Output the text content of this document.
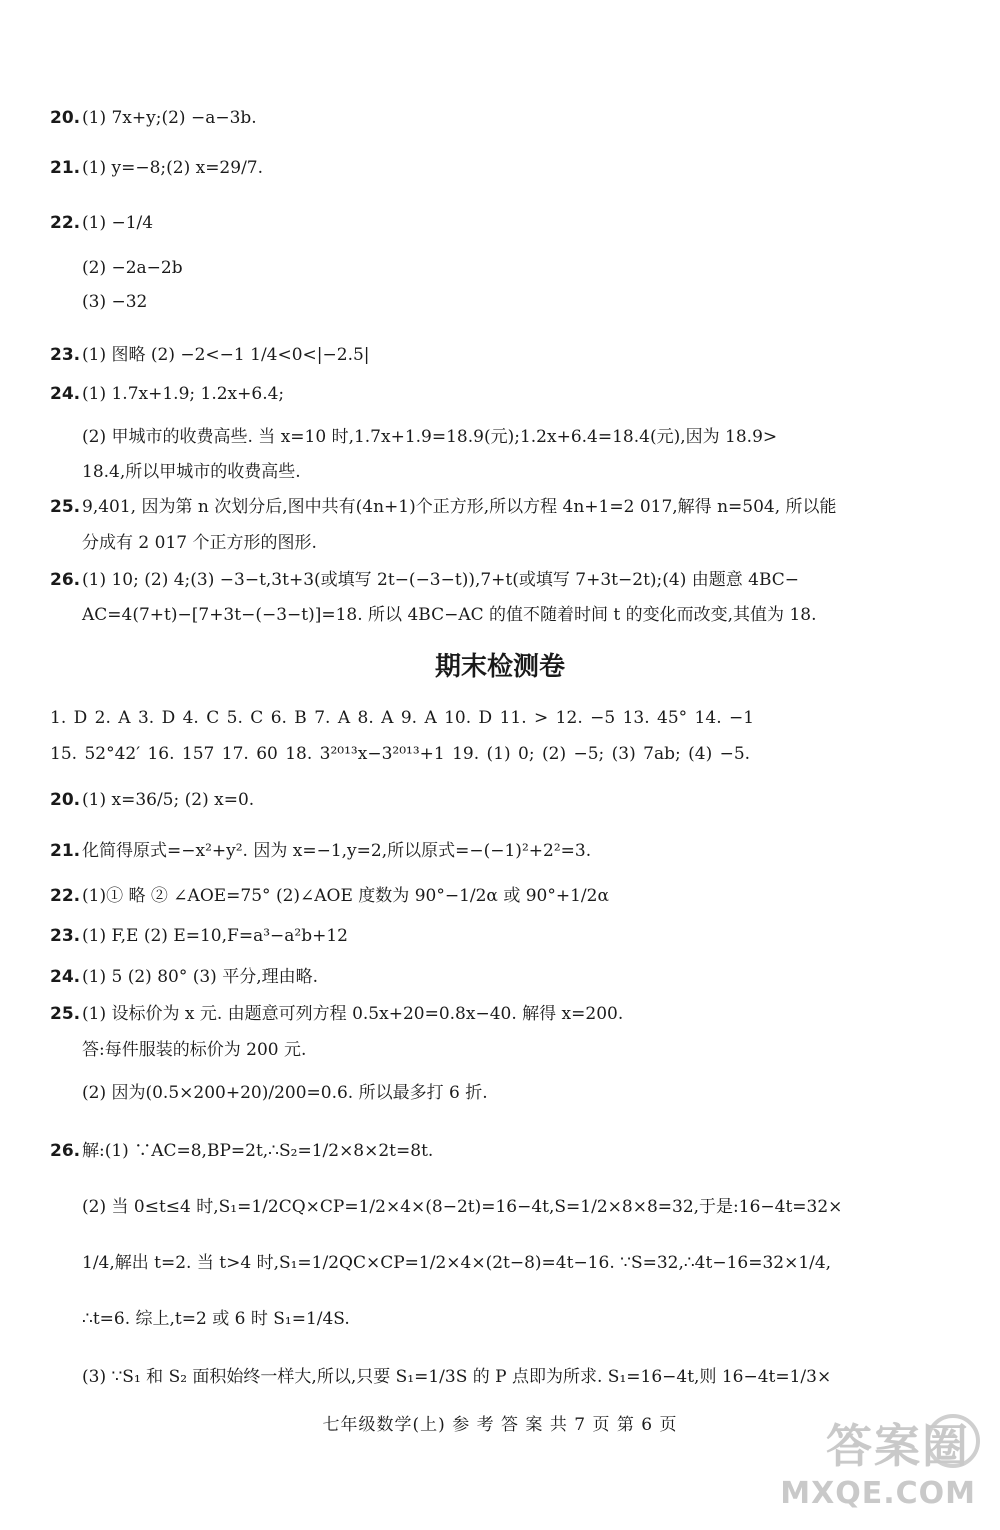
20. (1) 7x+y;(2) −a−3b.
21. (1) y=−8;(2) x=29/7.
22. (1) −1/4
(2) −2a−2b
(3) −32
23. (1) 图略 (2) −2<−1 1/4<0<|−2.5|
24. (1) 1.7x+1.9; 1.2x+6.4;
(2) 甲城市的收费高些. 当 x=10 时,1.7x+1.9=18.9(元);1.2x+6.4=18.4(元),因为 18.9>
18.4,所以甲城市的收费高些.
25. 9,401, 因为第 n 次划分后,图中共有(4n+1)个正方形,所以方程 4n+1=2 017,解得 n=504, 所以能
分成有 2 017 个正方形的图形.
26. (1) 10; (2) 4;(3) −3−t,3t+3(或填写 2t−(−3−t)),7+t(或填写 7+3t−2t);(4) 由题意 4BC−
AC=4(7+t)−[7+3t−(−3−t)]=18. 所以 4BC−AC 的值不随着时间 t 的变化而改变,其值为 18.
期末检测卷
1. D 2. A 3. D 4. C 5. C 6. B 7. A 8. A 9. A 10. D 11. > 12. −5 13. 45° 14. −1
15. 52°42′ 16. 157 17. 60 18. 3²⁰¹³x−3²⁰¹³+1 19. (1) 0; (2) −5; (3) 7ab; (4) −5.
20. (1) x=36/5; (2) x=0.
21. 化简得原式=−x²+y². 因为 x=−1,y=2,所以原式=−(−1)²+2²=3.
22. (1)① 略 ② ∠AOE=75° (2)∠AOE 度数为 90°−1/2α 或 90°+1/2α
23. (1) F,E (2) E=10,F=a³−a²b+12
24. (1) 5 (2) 80° (3) 平分,理由略.
25. (1) 设标价为 x 元. 由题意可列方程 0.5x+20=0.8x−40. 解得 x=200.
答:每件服装的标价为 200 元.
(2) 因为(0.5×200+20)/200=0.6. 所以最多打 6 折.
26. 解:(1) ∵AC=8,BP=2t,∴S₂=1/2×8×2t=8t.
(2) 当 0≤t≤4 时,S₁=1/2CQ×CP=1/2×4×(8−2t)=16−4t,S=1/2×8×8=32,于是:16−4t=32×
1/4,解出 t=2. 当 t>4 时,S₁=1/2QC×CP=1/2×4×(2t−8)=4t−16. ∵S=32,∴4t−16=32×1/4,
∴t=6. 综上,t=2 或 6 时 S₁=1/4S.
(3) ∵S₁ 和 S₂ 面积始终一样大,所以,只要 S₁=1/3S 的 P 点即为所求. S₁=16−4t,则 16−4t=1/3×
七年级数学(上) 参 考 答 案 共 7 页 第 6 页	答案圈
MXQE.COM
